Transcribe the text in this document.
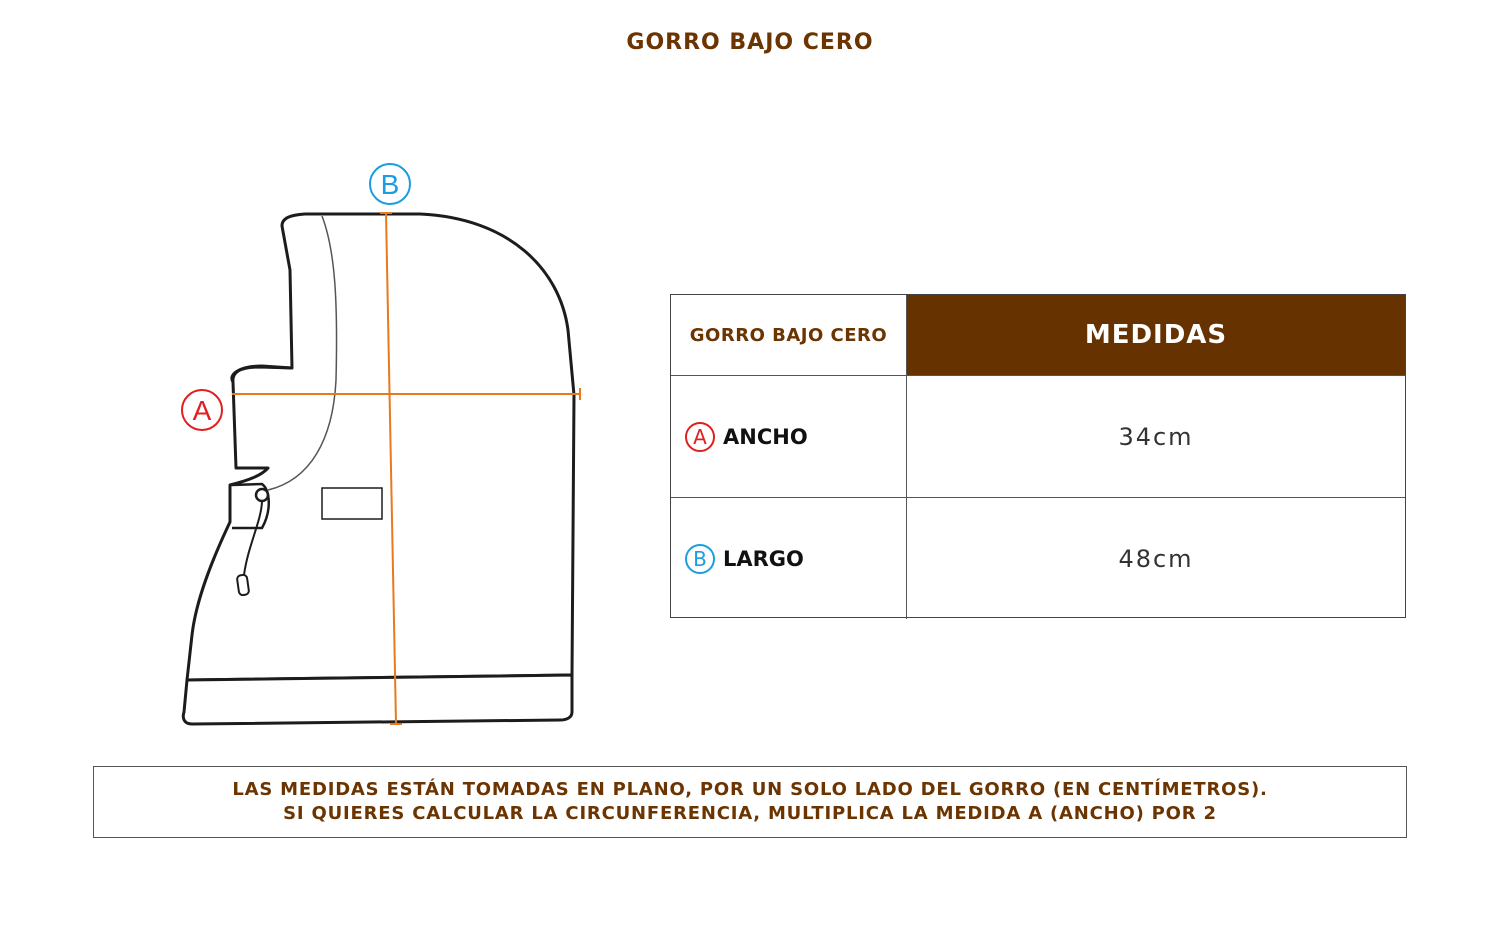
GORRO BAJO CERO
A
B
GORRO BAJO CERO	MEDIDAS
A ANCHO	34cm
B LARGO	48cm
LAS MEDIDAS ESTÁN TOMADAS EN PLANO, POR UN SOLO LADO DEL GORRO (EN CENTÍMETROS).
SI QUIERES CALCULAR LA CIRCUNFERENCIA, MULTIPLICA LA MEDIDA A (ANCHO) POR 2
